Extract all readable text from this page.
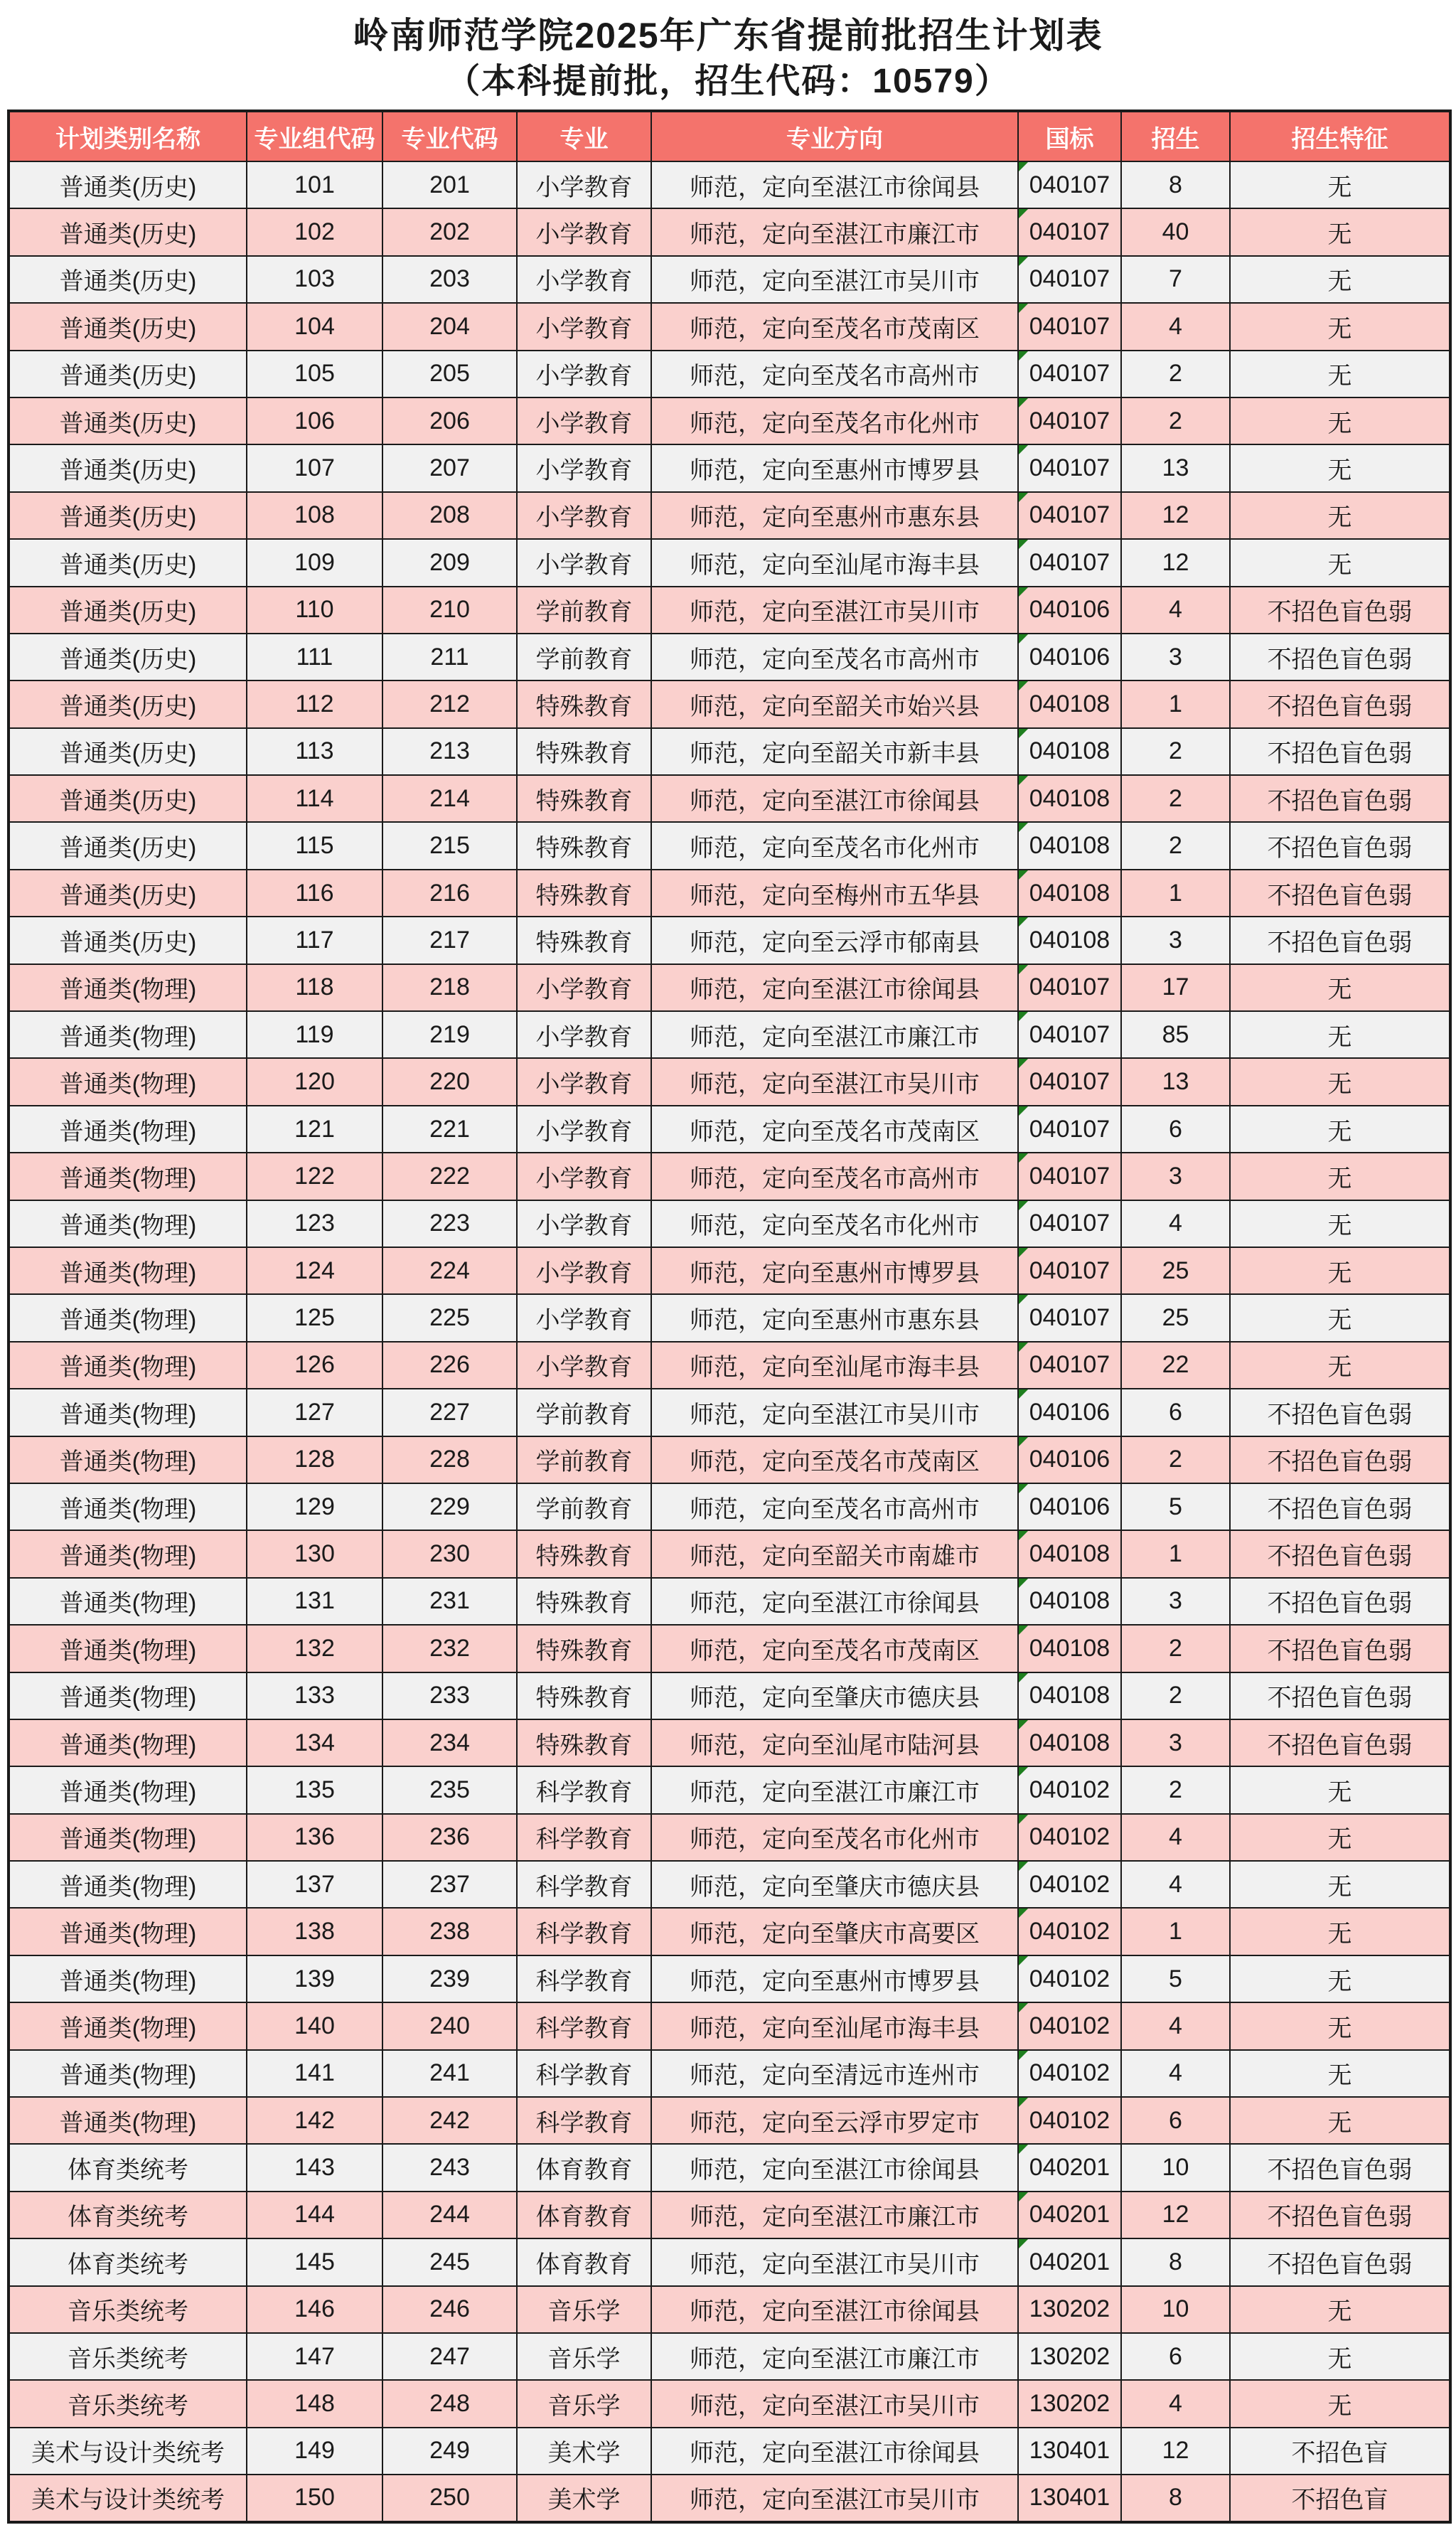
岭南师范学院2025年广东省提前批招生计划表
（本科提前批，招生代码：10579）
计划类别名称	专业组代码	专业代码	专业	专业方向	国标	招生	招生特征
普通类(历史)	101	201	小学教育	师范，定向至湛江市徐闻县	040107	8	无
普通类(历史)	102	202	小学教育	师范，定向至湛江市廉江市	040107	40	无
普通类(历史)	103	203	小学教育	师范，定向至湛江市吴川市	040107	7	无
普通类(历史)	104	204	小学教育	师范，定向至茂名市茂南区	040107	4	无
普通类(历史)	105	205	小学教育	师范，定向至茂名市高州市	040107	2	无
普通类(历史)	106	206	小学教育	师范，定向至茂名市化州市	040107	2	无
普通类(历史)	107	207	小学教育	师范，定向至惠州市博罗县	040107	13	无
普通类(历史)	108	208	小学教育	师范，定向至惠州市惠东县	040107	12	无
普通类(历史)	109	209	小学教育	师范，定向至汕尾市海丰县	040107	12	无
普通类(历史)	110	210	学前教育	师范，定向至湛江市吴川市	040106	4	不招色盲色弱
普通类(历史)	111	211	学前教育	师范，定向至茂名市高州市	040106	3	不招色盲色弱
普通类(历史)	112	212	特殊教育	师范，定向至韶关市始兴县	040108	1	不招色盲色弱
普通类(历史)	113	213	特殊教育	师范，定向至韶关市新丰县	040108	2	不招色盲色弱
普通类(历史)	114	214	特殊教育	师范，定向至湛江市徐闻县	040108	2	不招色盲色弱
普通类(历史)	115	215	特殊教育	师范，定向至茂名市化州市	040108	2	不招色盲色弱
普通类(历史)	116	216	特殊教育	师范，定向至梅州市五华县	040108	1	不招色盲色弱
普通类(历史)	117	217	特殊教育	师范，定向至云浮市郁南县	040108	3	不招色盲色弱
普通类(物理)	118	218	小学教育	师范，定向至湛江市徐闻县	040107	17	无
普通类(物理)	119	219	小学教育	师范，定向至湛江市廉江市	040107	85	无
普通类(物理)	120	220	小学教育	师范，定向至湛江市吴川市	040107	13	无
普通类(物理)	121	221	小学教育	师范，定向至茂名市茂南区	040107	6	无
普通类(物理)	122	222	小学教育	师范，定向至茂名市高州市	040107	3	无
普通类(物理)	123	223	小学教育	师范，定向至茂名市化州市	040107	4	无
普通类(物理)	124	224	小学教育	师范，定向至惠州市博罗县	040107	25	无
普通类(物理)	125	225	小学教育	师范，定向至惠州市惠东县	040107	25	无
普通类(物理)	126	226	小学教育	师范，定向至汕尾市海丰县	040107	22	无
普通类(物理)	127	227	学前教育	师范，定向至湛江市吴川市	040106	6	不招色盲色弱
普通类(物理)	128	228	学前教育	师范，定向至茂名市茂南区	040106	2	不招色盲色弱
普通类(物理)	129	229	学前教育	师范，定向至茂名市高州市	040106	5	不招色盲色弱
普通类(物理)	130	230	特殊教育	师范，定向至韶关市南雄市	040108	1	不招色盲色弱
普通类(物理)	131	231	特殊教育	师范，定向至湛江市徐闻县	040108	3	不招色盲色弱
普通类(物理)	132	232	特殊教育	师范，定向至茂名市茂南区	040108	2	不招色盲色弱
普通类(物理)	133	233	特殊教育	师范，定向至肇庆市德庆县	040108	2	不招色盲色弱
普通类(物理)	134	234	特殊教育	师范，定向至汕尾市陆河县	040108	3	不招色盲色弱
普通类(物理)	135	235	科学教育	师范，定向至湛江市廉江市	040102	2	无
普通类(物理)	136	236	科学教育	师范，定向至茂名市化州市	040102	4	无
普通类(物理)	137	237	科学教育	师范，定向至肇庆市德庆县	040102	4	无
普通类(物理)	138	238	科学教育	师范，定向至肇庆市高要区	040102	1	无
普通类(物理)	139	239	科学教育	师范，定向至惠州市博罗县	040102	5	无
普通类(物理)	140	240	科学教育	师范，定向至汕尾市海丰县	040102	4	无
普通类(物理)	141	241	科学教育	师范，定向至清远市连州市	040102	4	无
普通类(物理)	142	242	科学教育	师范，定向至云浮市罗定市	040102	6	无
体育类统考	143	243	体育教育	师范，定向至湛江市徐闻县	040201	10	不招色盲色弱
体育类统考	144	244	体育教育	师范，定向至湛江市廉江市	040201	12	不招色盲色弱
体育类统考	145	245	体育教育	师范，定向至湛江市吴川市	040201	8	不招色盲色弱
音乐类统考	146	246	音乐学	师范，定向至湛江市徐闻县	130202	10	无
音乐类统考	147	247	音乐学	师范，定向至湛江市廉江市	130202	6	无
音乐类统考	148	248	音乐学	师范，定向至湛江市吴川市	130202	4	无
美术与设计类统考	149	249	美术学	师范，定向至湛江市徐闻县	130401	12	不招色盲
美术与设计类统考	150	250	美术学	师范，定向至湛江市吴川市	130401	8	不招色盲
